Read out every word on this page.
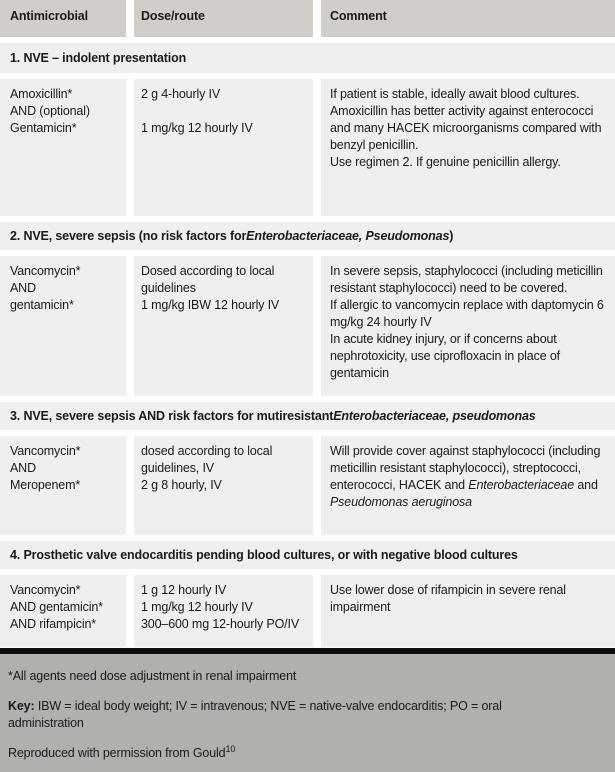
Antimicrobial	Dose/route	Comment
1. NVE – indolent presentation
Amoxicillin*
AND (optional)
Gentamicin*
2 g 4-hourly IV
1 mg/kg 12 hourly IV

If patient is stable, ideally await blood cultures.

Amoxicillin has better activity against enterococci and many HACEK microorganisms compared with benzyl penicillin.

Use regimen 2. If genuine penicillin allergy.

2. NVE, severe sepsis (no risk factors for Enterobacteriaceae, Pseudomonas )
Vancomycin*
AND
gentamicin*
Dosed according to local guidelines
1 mg/kg IBW 12 hourly IV

In severe sepsis, staphylococci (including meticillin resistant staphylococci) need to be covered.

If allergic to vancomycin replace with daptomycin 6 mg/kg 24 hourly IV

In acute kidney injury, or if concerns about nephrotoxicity, use ciprofloxacin in place of gentamicin

3. NVE, severe sepsis AND risk factors for mutiresistant Enterobacteriaceae, pseudomonas
Vancomycin*
AND
Meropenem*
dosed according to local guidelines, IV
2 g 8 hourly, IV

Will provide cover against staphylococci (including meticillin resistant staphylococci), streptococci, enterococci, HACEK and Enterobacteriaceae and Pseudomonas aeruginosa

4. Prosthetic valve endocarditis pending blood cultures, or with negative blood cultures
Vancomycin*
AND gentamicin*
AND rifampicin*
1 g 12 hourly IV
1 mg/kg 12 hourly IV
300–600 mg 12-hourly PO/IV

Use lower dose of rifampicin in severe renal impairment

*All agents need dose adjustment in renal impairment

Key: IBW = ideal body weight; IV = intravenous; NVE = native-valve endocarditis; PO = oral administration

Reproduced with permission from Gould$^{10}$
